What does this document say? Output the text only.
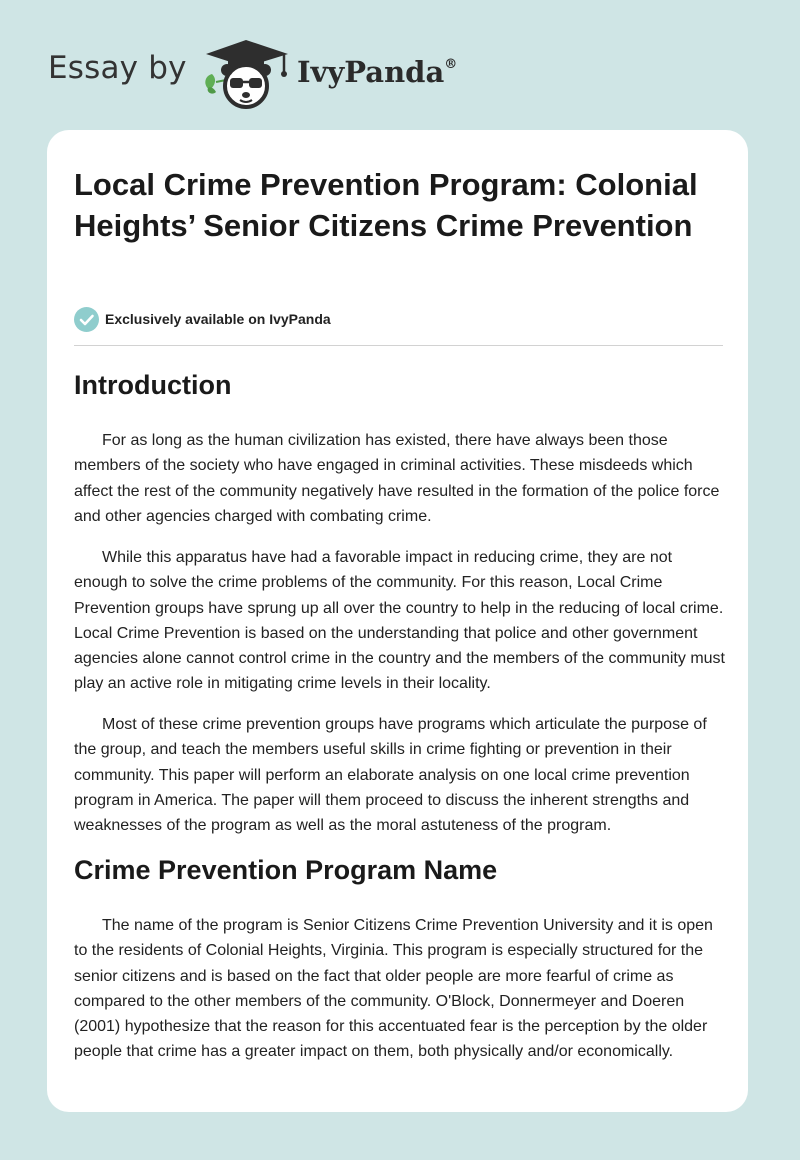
Essay by	IvyPanda®
Local Crime Prevention Program: Colonial Heights’ Senior Citizens Crime Prevention
Exclusively available on IvyPanda
Introduction

For as long as the human civilization has existed, there have always been those members of the society who have engaged in criminal activities. These misdeeds which affect the rest of the community negatively have resulted in the formation of the police force and other agencies charged with combating crime.

While this apparatus have had a favorable impact in reducing crime, they are not enough to solve the crime problems of the community. For this reason, Local Crime Prevention groups have sprung up all over the country to help in the reducing of local crime. Local Crime Prevention is based on the understanding that police and other government agencies alone cannot control crime in the country and the members of the community must play an active role in mitigating crime levels in their locality.

Most of these crime prevention groups have programs which articulate the purpose of the group, and teach the members useful skills in crime fighting or prevention in their community. This paper will perform an elaborate analysis on one local crime prevention program in America. The paper will them proceed to discuss the inherent strengths and weaknesses of the program as well as the moral astuteness of the program.

Crime Prevention Program Name

The name of the program is Senior Citizens Crime Prevention University and it is open to the residents of Colonial Heights, Virginia. This program is especially structured for the senior citizens and is based on the fact that older people are more fearful of crime as compared to the other members of the community. O'Block, Donnermeyer and Doeren (2001) hypothesize that the reason for this accentuated fear is the perception by the older people that crime has a greater impact on them, both physically and/or economically.
